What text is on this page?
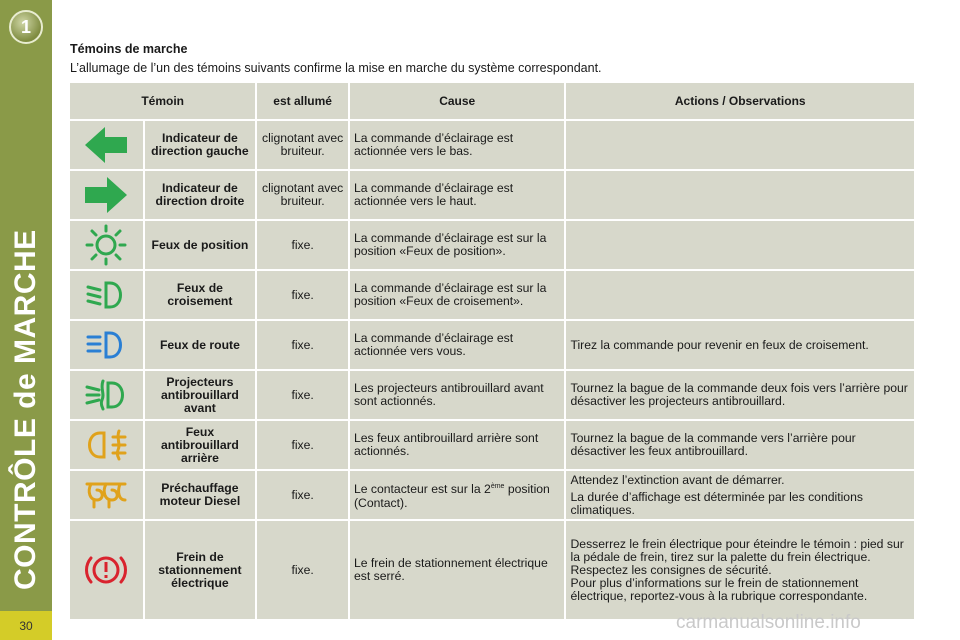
1
CONTRÔLE de MARCHE
30
Témoins de marche
L’allumage de l’un des témoins suivants confirme la mise en marche du système correspondant.
Témoin		est allumé	Cause	Actions / Observations
	Indicateur de direction gauche	clignotant avec bruiteur.	La commande d’éclairage est actionnée vers le bas.	
	Indicateur de direction droite	clignotant avec bruiteur.	La commande d’éclairage est actionnée vers le haut.	
	Feux de position	fixe.	La commande d’éclairage est sur la position «Feux de position».	
	Feux de croisement	fixe.	La commande d’éclairage est sur la position «Feux de croisement».	
	Feux de route	fixe.	La commande d’éclairage est actionnée vers vous.	Tirez la commande pour revenir en feux de croisement.

	Projecteurs antibrouillard avant	fixe.	Les projecteurs antibrouillard avant sont actionnés.	Tournez la bague de la commande deux fois vers l’arrière pour désactiver les projecteurs antibrouillard.

	Feux antibrouillard arrière	fixe.	Les feux antibrouillard arrière sont actionnés.	Tournez la bague de la commande vers l’arrière pour désactiver les feux antibrouillard.

	Préchauffage moteur Diesel	fixe.	Le contacteur est sur la 2ème position (Contact).	Attendez l’extinction avant de démarrer.
La durée d’affichage est déterminée par les conditions climatiques.

	Frein de stationnement électrique	fixe.	Le frein de stationnement électrique est serré.	Desserrez le frein électrique pour éteindre le témoin : pied sur la pédale de frein, tirez sur la palette du frein électrique.
Respectez les consignes de sécurité.
Pour plus d’informations sur le frein de stationnement électrique, reportez-vous à la rubrique correspondante.
carmanualsonline.info
